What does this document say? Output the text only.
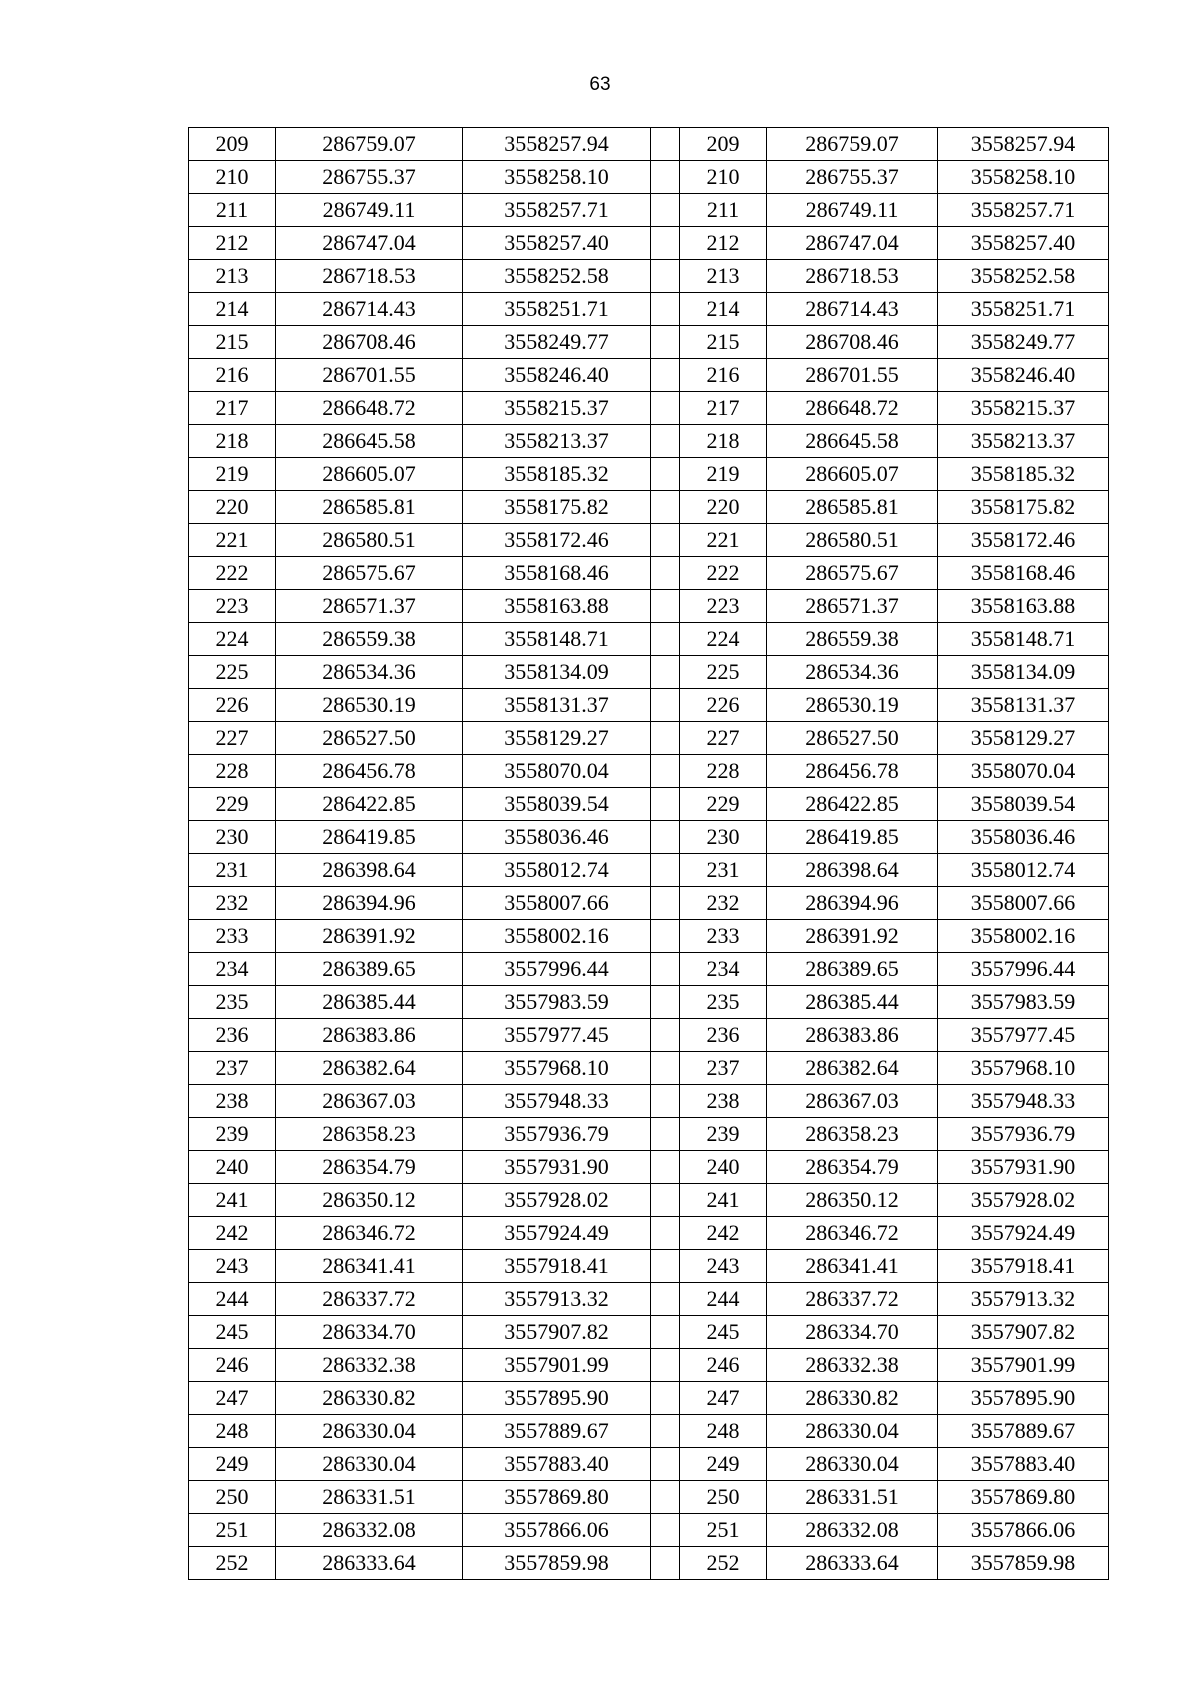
63
209	286759.07	3558257.94		209	286759.07	3558257.94
210	286755.37	3558258.10		210	286755.37	3558258.10
211	286749.11	3558257.71		211	286749.11	3558257.71
212	286747.04	3558257.40		212	286747.04	3558257.40
213	286718.53	3558252.58		213	286718.53	3558252.58
214	286714.43	3558251.71		214	286714.43	3558251.71
215	286708.46	3558249.77		215	286708.46	3558249.77
216	286701.55	3558246.40		216	286701.55	3558246.40
217	286648.72	3558215.37		217	286648.72	3558215.37
218	286645.58	3558213.37		218	286645.58	3558213.37
219	286605.07	3558185.32		219	286605.07	3558185.32
220	286585.81	3558175.82		220	286585.81	3558175.82
221	286580.51	3558172.46		221	286580.51	3558172.46
222	286575.67	3558168.46		222	286575.67	3558168.46
223	286571.37	3558163.88		223	286571.37	3558163.88
224	286559.38	3558148.71		224	286559.38	3558148.71
225	286534.36	3558134.09		225	286534.36	3558134.09
226	286530.19	3558131.37		226	286530.19	3558131.37
227	286527.50	3558129.27		227	286527.50	3558129.27
228	286456.78	3558070.04		228	286456.78	3558070.04
229	286422.85	3558039.54		229	286422.85	3558039.54
230	286419.85	3558036.46		230	286419.85	3558036.46
231	286398.64	3558012.74		231	286398.64	3558012.74
232	286394.96	3558007.66		232	286394.96	3558007.66
233	286391.92	3558002.16		233	286391.92	3558002.16
234	286389.65	3557996.44		234	286389.65	3557996.44
235	286385.44	3557983.59		235	286385.44	3557983.59
236	286383.86	3557977.45		236	286383.86	3557977.45
237	286382.64	3557968.10		237	286382.64	3557968.10
238	286367.03	3557948.33		238	286367.03	3557948.33
239	286358.23	3557936.79		239	286358.23	3557936.79
240	286354.79	3557931.90		240	286354.79	3557931.90
241	286350.12	3557928.02		241	286350.12	3557928.02
242	286346.72	3557924.49		242	286346.72	3557924.49
243	286341.41	3557918.41		243	286341.41	3557918.41
244	286337.72	3557913.32		244	286337.72	3557913.32
245	286334.70	3557907.82		245	286334.70	3557907.82
246	286332.38	3557901.99		246	286332.38	3557901.99
247	286330.82	3557895.90		247	286330.82	3557895.90
248	286330.04	3557889.67		248	286330.04	3557889.67
249	286330.04	3557883.40		249	286330.04	3557883.40
250	286331.51	3557869.80		250	286331.51	3557869.80
251	286332.08	3557866.06		251	286332.08	3557866.06
252	286333.64	3557859.98		252	286333.64	3557859.98
